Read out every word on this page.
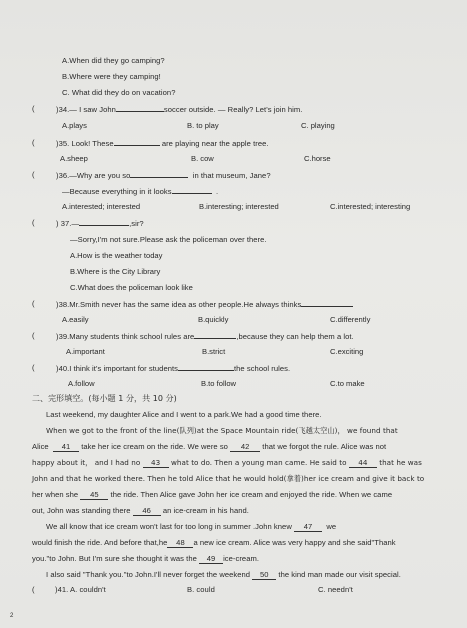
A.When did they go camping?
B.Where were they camping!
C. What did they do on vacation?
(	)34.— I saw John	soccer outside. — Really? Let's join him.
A.plays	B. to play	C. playing
(	)35. Look! These	are playing near the apple tree.
A.sheep	B. cow	C.horse
(	)36.—Why are you so	in that museum, Jane?
—Because everything in it looks	.
A.interested; interested	B.interesting; interested	C.interested; interesting
(	) 37.—	,sir?
—Sorry,I'm not sure.Please ask the policeman over there.
A.How is the weather today
B.Where is the City Library
C.What does the policeman look like
(	)38.Mr.Smith never has the same idea as other people.He always thinks
A.easily	B.quickly	C.differently
(	)39.Many students think school rules are	,because they can help them a lot.
A.important	B.strict	C.exciting
(	)40.I think it's important for students	the school rules.
A.follow	B.to follow	C.to make
二、完形填空。(每小题 1 分，共 10 分)
Last weekend, my daughter Alice and I went to a park.We had a good time there.
When we got to the front of the line(队列)at the Space Mountain ride(飞越太空山)， we found that
Alice 41 take her ice cream on the ride. We were so 42 that we forgot the rule. Alice was not
happy about it， and I had no 43 what to do. Then a young man came. He said to 44 that he was
John and that he worked there. Then he told Alice that he would hold(拿着)her ice cream and give it back to
her when she 45 the ride. Then Alice gave John her ice cream and enjoyed the ride. When we came
out, John was standing there 46 an ice-cream in his hand.
We all know that ice cream won't last for too long in summer .John knew 47 we
would finish the ride. And before that,he 48 a new ice cream. Alice was very happy and she said"Thank
you."to John. But I'm sure she thought it was the 49 ice-cream.
I also said "Thank you."to John.I'll never forget the weekend 50 the kind man made our visit special.
(	)41. A. couldn't	B. could	C. needn't
2
